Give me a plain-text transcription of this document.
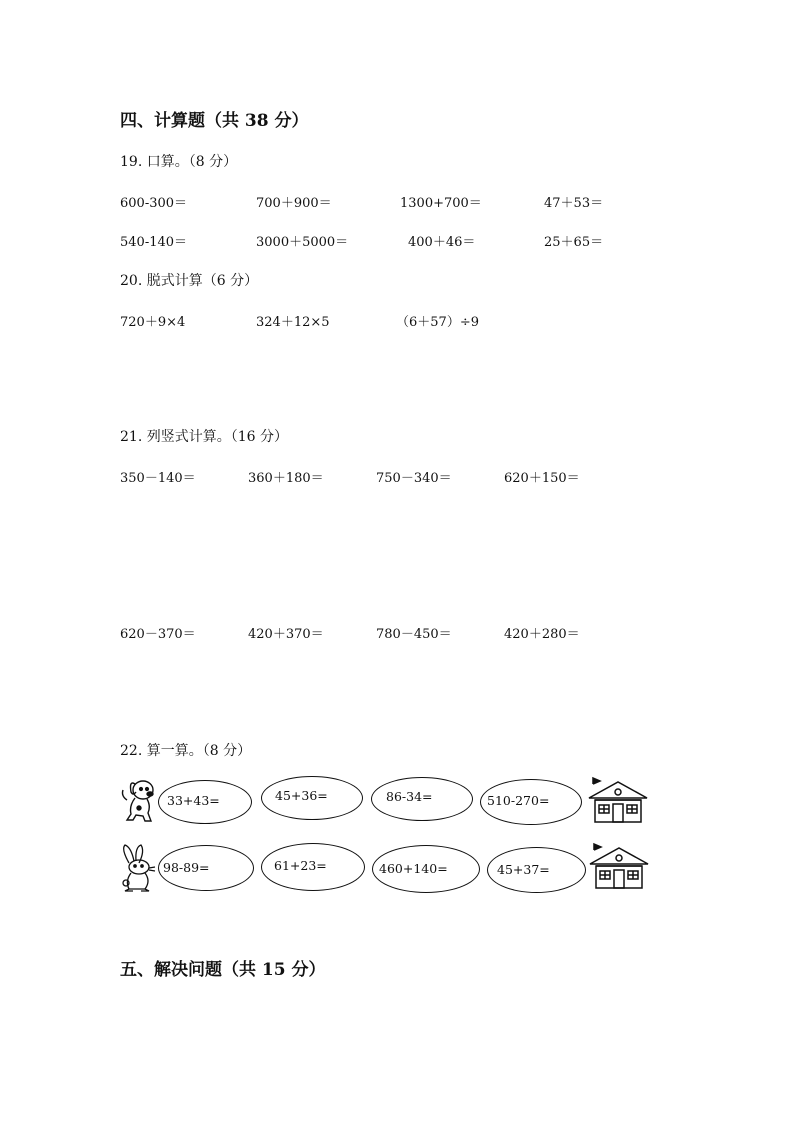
四、计算题（共 38 分）
19. 口算。（8 分）
600-300＝	700＋900＝	1300+700＝	47＋53＝
540-140＝	3000＋5000＝	400＋46＝	25＋65＝
20. 脱式计算（6 分）
720＋9×4	324＋12×5	（6＋57）÷9
21. 列竖式计算。（16 分）
350－140＝	360＋180＝	750－340＝	620＋150＝
620－370＝	420＋370＝	780－450＝	420＋280＝
22. 算一算。（8 分）
33+43=	45+36=	86-34=	510-270=
98-89=	61+23=	460+140=	45+37=
五、解决问题（共 15 分）
